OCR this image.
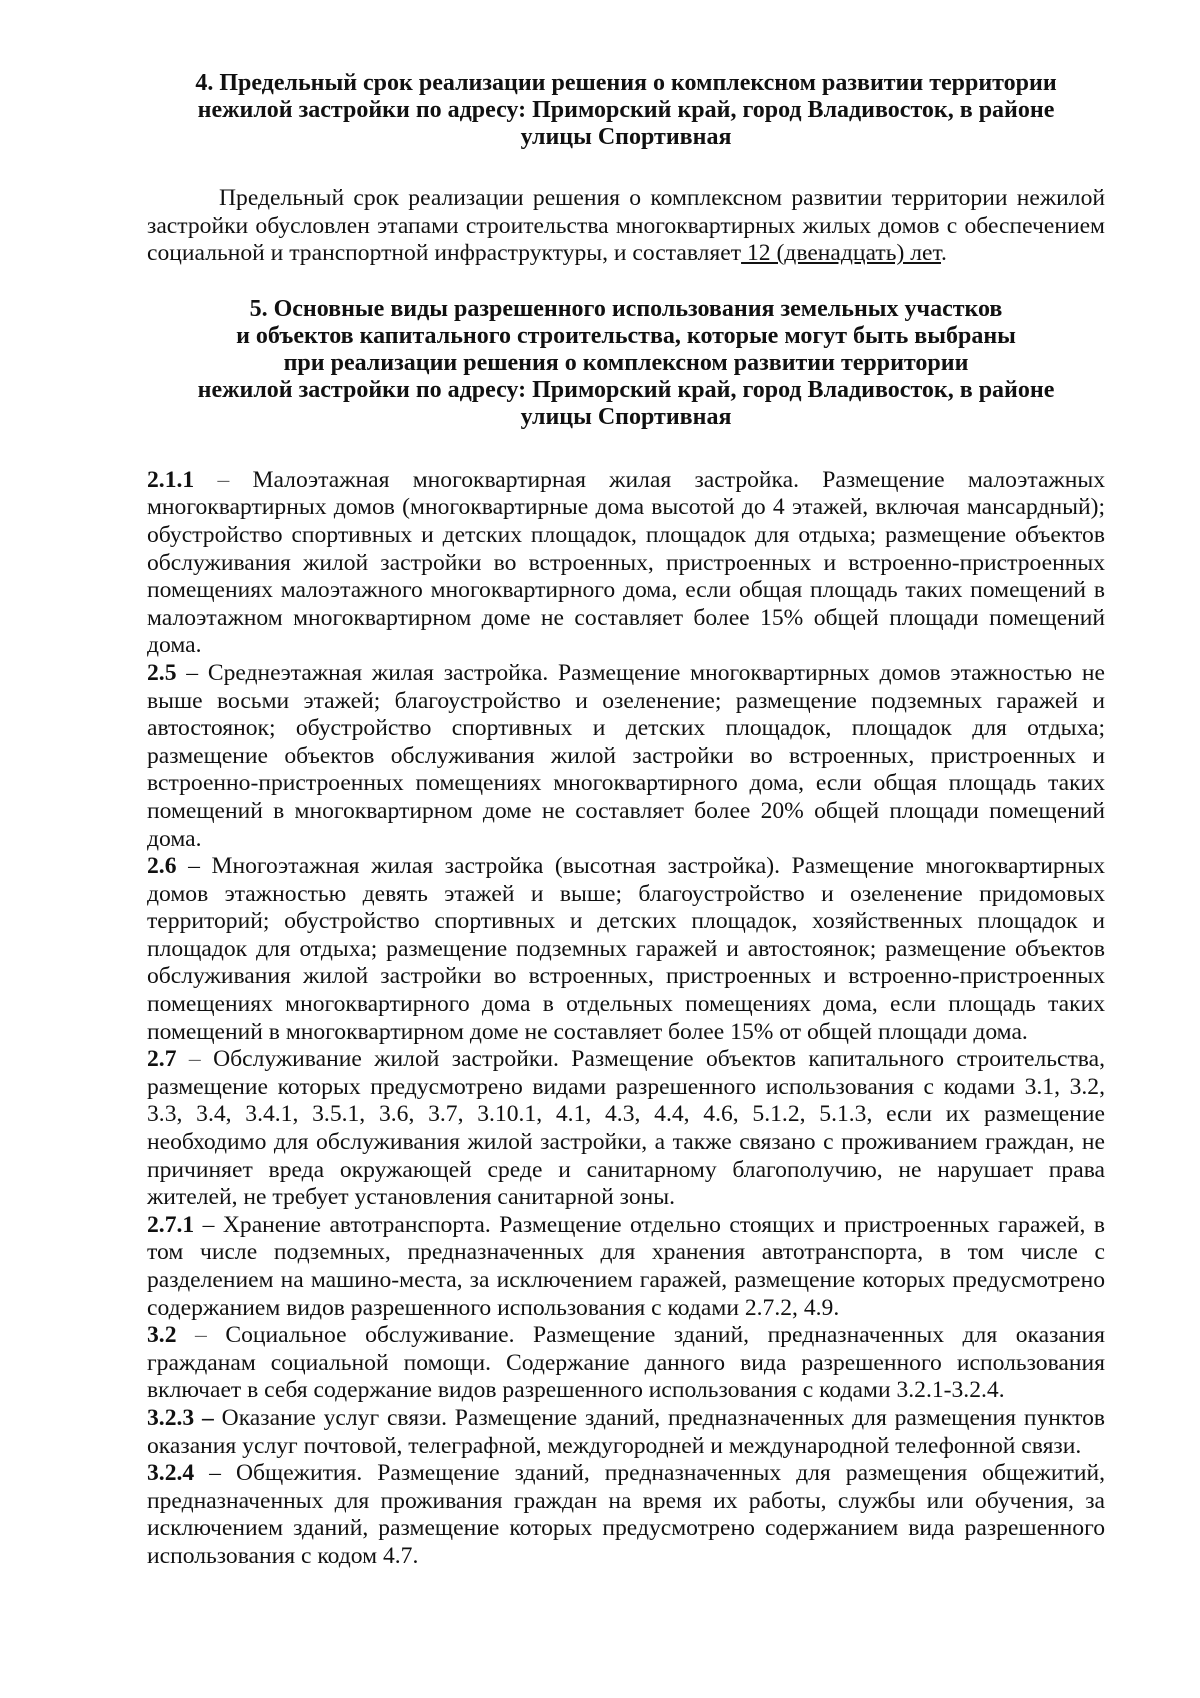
4. Предельный срок реализации решения о комплексном развитии территории
нежилой застройки по адресу: Приморский край, город Владивосток, в районе
улицы Спортивная

Предельный срок реализации решения о комплексном развитии территории нежилой застройки обусловлен этапами строительства многоквартирных жилых домов с обеспечением социальной и транспортной инфраструктуры, и составляет 12 (двенадцать) лет.

5. Основные виды разрешенного использования земельных участков
и объектов капитального строительства, которые могут быть выбраны
при реализации решения о комплексном развитии территории
нежилой застройки по адресу: Приморский край, город Владивосток, в районе
улицы Спортивная

2.1.1 – Малоэтажная многоквартирная жилая застройка. Размещение малоэтажных многоквартирных домов (многоквартирные дома высотой до 4 этажей, включая мансардный); обустройство спортивных и детских площадок, площадок для отдыха; размещение объектов обслуживания жилой застройки во встроенных, пристроенных и встроенно-пристроенных помещениях малоэтажного многоквартирного дома, если общая площадь таких помещений в малоэтажном многоквартирном доме не составляет более 15% общей площади помещений дома.

2.5 – Среднеэтажная жилая застройка. Размещение многоквартирных домов этажностью не выше восьми этажей; благоустройство и озеленение; размещение подземных гаражей и автостоянок; обустройство спортивных и детских площадок, площадок для отдыха; размещение объектов обслуживания жилой застройки во встроенных, пристроенных и встроенно-пристроенных помещениях многоквартирного дома, если общая площадь таких помещений в многоквартирном доме не составляет более 20% общей площади помещений дома.

2.6 – Многоэтажная жилая застройка (высотная застройка). Размещение многоквартирных домов этажностью девять этажей и выше; благоустройство и озеленение придомовых территорий; обустройство спортивных и детских площадок, хозяйственных площадок и площадок для отдыха; размещение подземных гаражей и автостоянок; размещение объектов обслуживания жилой застройки во встроенных, пристроенных и встроенно-пристроенных помещениях многоквартирного дома в отдельных помещениях дома, если площадь таких помещений в многоквартирном доме не составляет более 15% от общей площади дома.

2.7 – Обслуживание жилой застройки. Размещение объектов капитального строительства, размещение которых предусмотрено видами разрешенного использования с кодами 3.1, 3.2, 3.3, 3.4, 3.4.1, 3.5.1, 3.6, 3.7, 3.10.1, 4.1, 4.3, 4.4, 4.6, 5.1.2, 5.1.3, если их размещение необходимо для обслуживания жилой застройки, а также связано с проживанием граждан, не причиняет вреда окружающей среде и санитарному благополучию, не нарушает права жителей, не требует установления санитарной зоны.

2.7.1 – Хранение автотранспорта. Размещение отдельно стоящих и пристроенных гаражей, в том числе подземных, предназначенных для хранения автотранспорта, в том числе с разделением на машино-места, за исключением гаражей, размещение которых предусмотрено содержанием видов разрешенного использования с кодами 2.7.2, 4.9.

3.2 – Социальное обслуживание. Размещение зданий, предназначенных для оказания гражданам социальной помощи. Содержание данного вида разрешенного использования включает в себя содержание видов разрешенного использования с кодами 3.2.1-3.2.4.

3.2.3 – Оказание услуг связи. Размещение зданий, предназначенных для размещения пунктов оказания услуг почтовой, телеграфной, междугородней и международной телефонной связи.

3.2.4 – Общежития. Размещение зданий, предназначенных для размещения общежитий, предназначенных для проживания граждан на время их работы, службы или обучения, за исключением зданий, размещение которых предусмотрено содержанием вида разрешенного использования с кодом 4.7.
